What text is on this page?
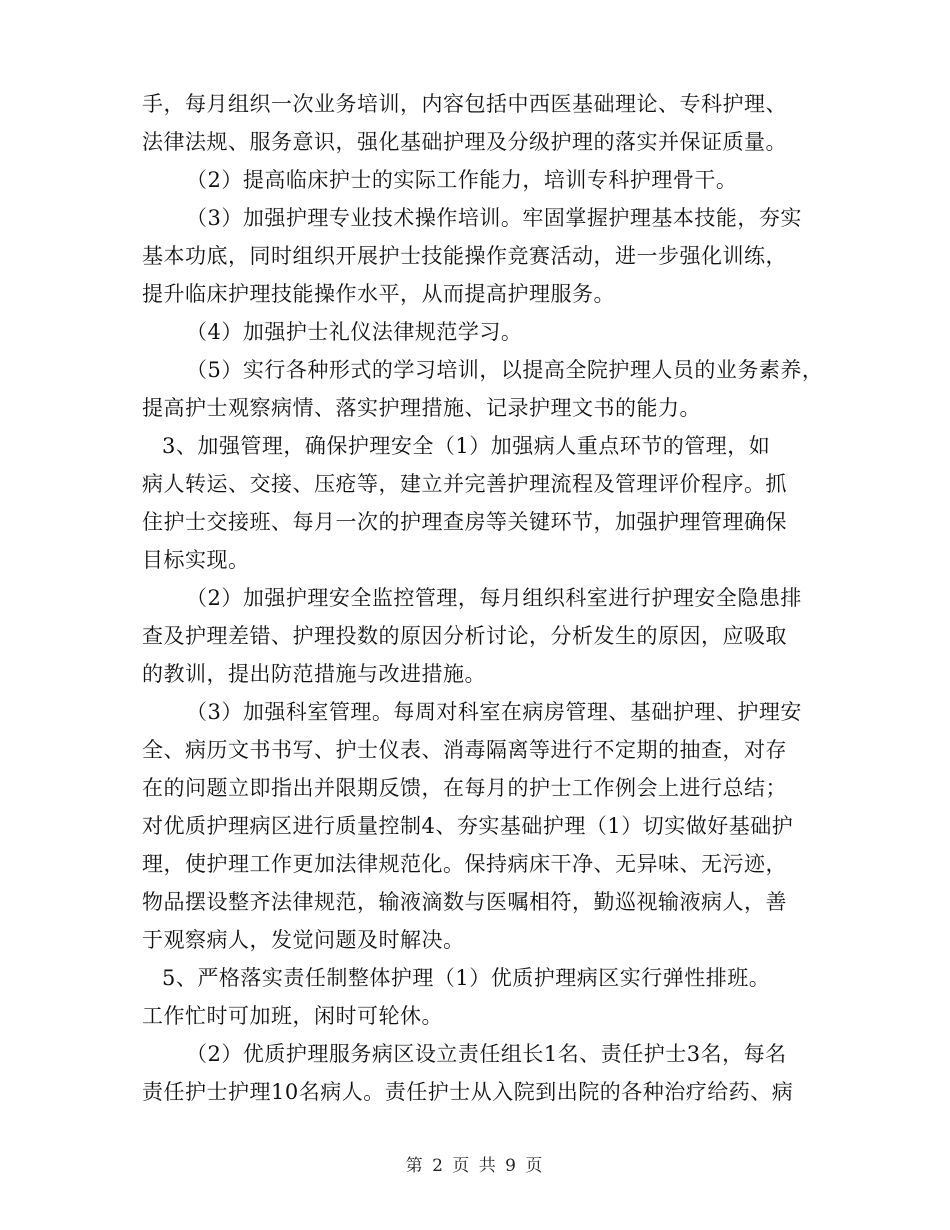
手，每月组织一次业务培训，内容包括中西医基础理论、专科护理、
法律法规、服务意识，强化基础护理及分级护理的落实并保证质量。
（2）提高临床护士的实际工作能力，培训专科护理骨干。
（3）加强护理专业技术操作培训。牢固掌握护理基本技能，夯实
基本功底，同时组织开展护士技能操作竞赛活动，进一步强化训练，
提升临床护理技能操作水平，从而提高护理服务。
（4）加强护士礼仪法律规范学习。
（5）实行各种形式的学习培训，以提高全院护理人员的业务素养，
提高护士观察病情、落实护理措施、记录护理文书的能力。
3、加强管理，确保护理安全（1）加强病人重点环节的管理，如
病人转运、交接、压疮等，建立并完善护理流程及管理评价程序。抓
住护士交接班、每月一次的护理查房等关键环节，加强护理管理确保
目标实现。
（2）加强护理安全监控管理，每月组织科室进行护理安全隐患排
查及护理差错、护理投数的原因分析讨论，分析发生的原因，应吸取
的教训，提出防范措施与改进措施。
（3）加强科室管理。每周对科室在病房管理、基础护理、护理安
全、病历文书书写、护士仪表、消毒隔离等进行不定期的抽查，对存
在的问题立即指出并限期反馈，在每月的护士工作例会上进行总结；
对优质护理病区进行质量控制4、夯实基础护理（1）切实做好基础护
理，使护理工作更加法律规范化。保持病床干净、无异味、无污迹，
物品摆设整齐法律规范，输液滴数与医嘱相符，勤巡视输液病人，善
于观察病人，发觉问题及时解决。
5、严格落实责任制整体护理（1）优质护理病区实行弹性排班。
工作忙时可加班，闲时可轮休。
（2）优质护理服务病区设立责任组长1名、责任护士3名，每名
责任护士护理10名病人。责任护士从入院到出院的各种治疗给药、病
第 2 页 共 9 页
